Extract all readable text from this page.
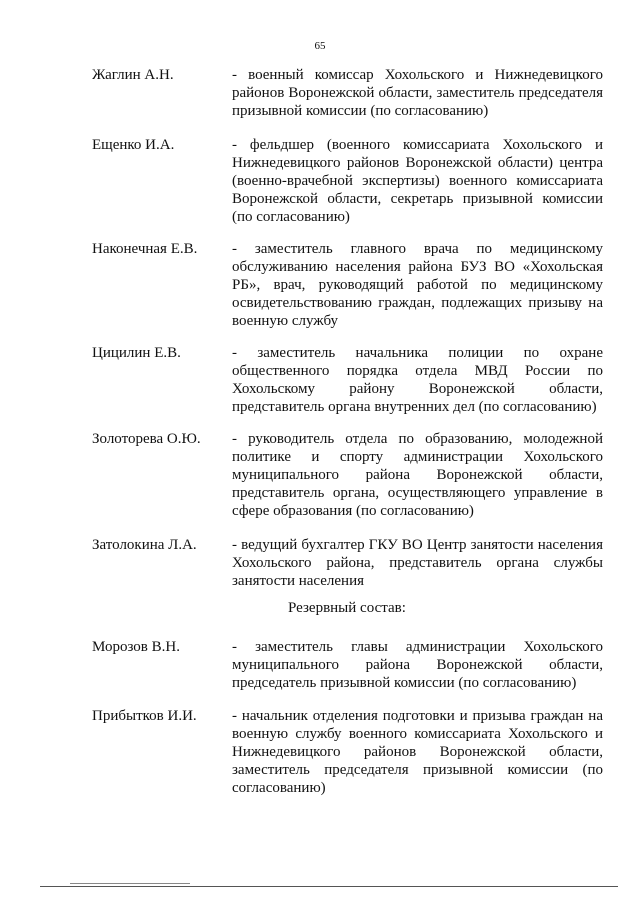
65
Жаглин А.Н.	- военный комиссар Хохольского и Нижнедевицкого районов Воронежской области, заместитель председателя призывной комиссии (по согласованию)
Ещенко И.А.	- фельдшер (военного комиссариата Хохольского и Нижнедевицкого районов Воронежской области) центра (военно-врачебной экспертизы) военного комиссариата Воронежской области, секретарь призывной комиссии (по согласованию)
Наконечная Е.В. - заместитель главного врача по медицинскому обслуживанию населения района БУЗ ВО «Хохольская РБ», врач, руководящий работой по медицинскому освидетельствованию граждан, подлежащих призыву на военную службу
Цицилин Е.В.	- заместитель начальника полиции по охране общественного порядка отдела МВД России по Хохольскому району Воронежской области, представитель органа внутренних дел (по согласованию)
Золоторева О.Ю. - руководитель отдела по образованию, молодежной политике и спорту администрации Хохольского муниципального района Воронежской области, представитель органа, осуществляющего управление в сфере образования (по согласованию)
Затолокина Л.А. - ведущий бухгалтер ГКУ ВО Центр занятости населения Хохольского района, представитель органа службы занятости населения
Резервный состав:
Морозов В.Н.	- заместитель главы администрации Хохольского муниципального района Воронежской области, председатель призывной комиссии (по согласованию)
Прибытков И.И. - начальник отделения подготовки и призыва граждан на военную службу военного комиссариата Хохольского и Нижнедевицкого районов Воронежской области, заместитель председателя призывной комиссии (по согласованию)
